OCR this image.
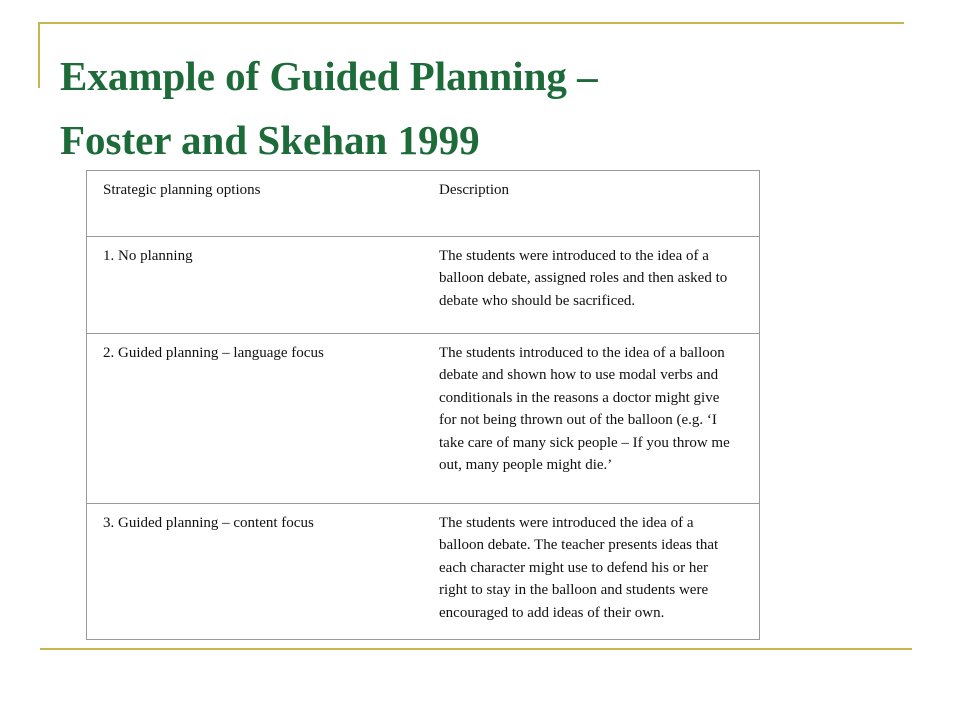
Example of Guided Planning –
Foster and Skehan 1999
Strategic planning options	Description
1. No planning	The students were introduced to the idea of a balloon debate, assigned roles and then asked to debate who should be sacrificed.
2. Guided planning – language focus	The students introduced to the idea of a balloon debate and shown how to use modal verbs and conditionals in the reasons a doctor might give for not being thrown out of the balloon (e.g. ‘I take care of many sick people – If you throw me out, many people might die.’
3. Guided planning – content focus	The students were introduced the idea of a balloon debate. The teacher presents ideas that each character might use to defend his or her right to stay in the balloon and students were encouraged to add ideas of their own.
